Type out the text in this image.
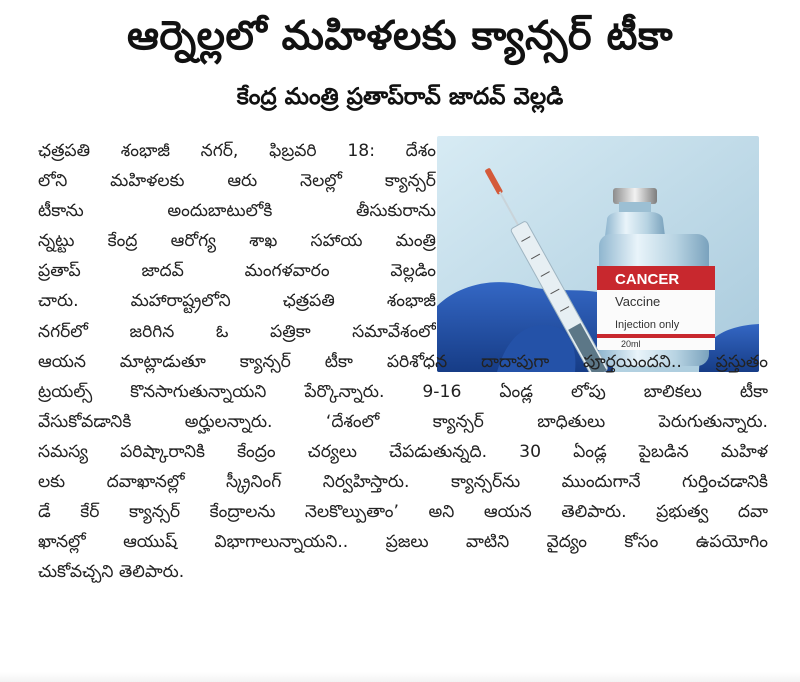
ఆర్నెల్లలో మహిళలకు క్యాన్సర్ టీకా
కేంద్ర మంత్రి ప్రతాప్‌రావ్ జాదవ్ వెల్లడి
CANCER
Vaccine
Injection only
20ml
ఛత్రపతి శంభాజీ నగర్, ఫిబ్రవరి 18: దేశం
లోని మహిళలకు ఆరు నెలల్లో క్యాన్సర్
టీకాను అందుబాటులోకి తీసుకురాను
న్నట్టు కేంద్ర ఆరోగ్య శాఖ సహాయ మంత్రి
ప్రతాప్ జాదవ్ మంగళవారం వెల్లడిం
చారు. మహారాష్ట్రలోని ఛత్రపతి శంభాజీ
నగర్‌లో జరిగిన ఓ పత్రికా సమావేశంలో
ఆయన మాట్లాడుతూ క్యాన్సర్ టీకా పరిశోధన దాదాపుగా పూర్తయిందని.. ప్రస్తుతం
ట్రయల్స్ కొనసాగుతున్నాయని పేర్కొన్నారు. 9-16 ఏండ్ల లోపు బాలికలు టీకా
వేసుకోవడానికి అర్హులన్నారు. ‘దేశంలో క్యాన్సర్ బాధితులు పెరుగుతున్నారు.
సమస్య పరిష్కారానికి కేంద్రం చర్యలు చేపడుతున్నది. 30 ఏండ్ల పైబడిన మహిళ
లకు దవాఖానల్లో స్క్రీనింగ్ నిర్వహిస్తారు. క్యాన్సర్‌ను ముందుగానే గుర్తించడానికి
డే కేర్ క్యాన్సర్ కేంద్రాలను నెలకొల్పుతాం’ అని ఆయన తెలిపారు. ప్రభుత్వ దవా
ఖానల్లో ఆయుష్ విభాగాలున్నాయని.. ప్రజలు వాటిని వైద్యం కోసం ఉపయోగిం
చుకోవచ్చని తెలిపారు.
